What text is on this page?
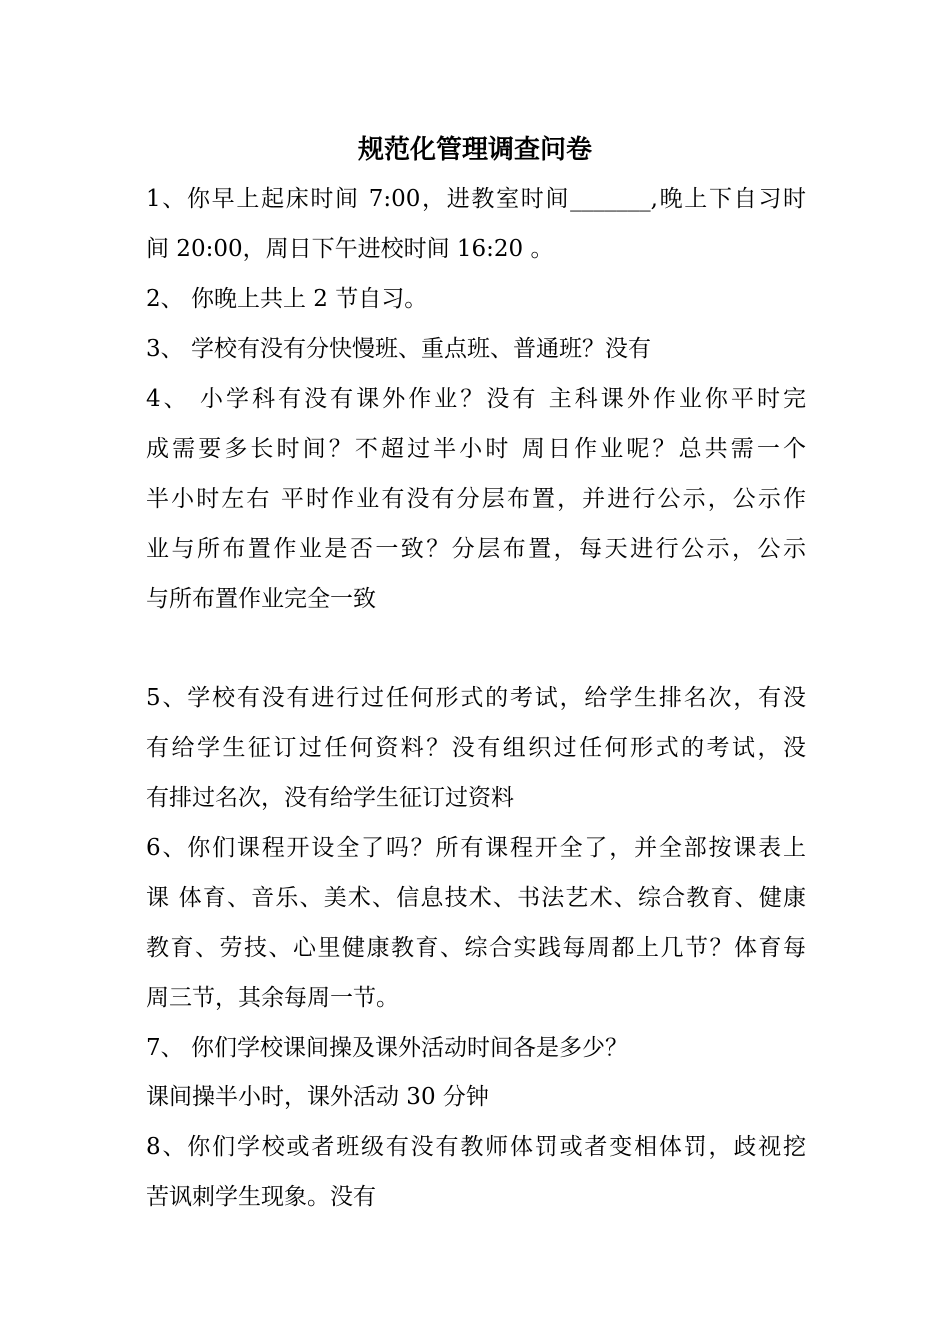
规范化管理调查问卷
1、你早上起床时间 7:00，进教室时间_______,晚上下自习时
间 20:00，周日下午进校时间 16:20 。
2、 你晚上共上 2 节自习。
3、 学校有没有分快慢班、重点班、普通班？没有
4、 小学科有没有课外作业？没有 主科课外作业你平时完
成需要多长时间？不超过半小时 周日作业呢？总共需一个
半小时左右 平时作业有没有分层布置，并进行公示，公示作
业与所布置作业是否一致？分层布置，每天进行公示，公示
与所布置作业完全一致
5、学校有没有进行过任何形式的考试，给学生排名次，有没
有给学生征订过任何资料？没有组织过任何形式的考试，没
有排过名次，没有给学生征订过资料
6、你们课程开设全了吗？所有课程开全了，并全部按课表上
课 体育、音乐、美术、信息技术、书法艺术、综合教育、健康
教育、劳技、心里健康教育、综合实践每周都上几节？体育每
周三节，其余每周一节。
7、 你们学校课间操及课外活动时间各是多少？
课间操半小时，课外活动 30 分钟
8、你们学校或者班级有没有教师体罚或者变相体罚，歧视挖
苦讽刺学生现象。没有
